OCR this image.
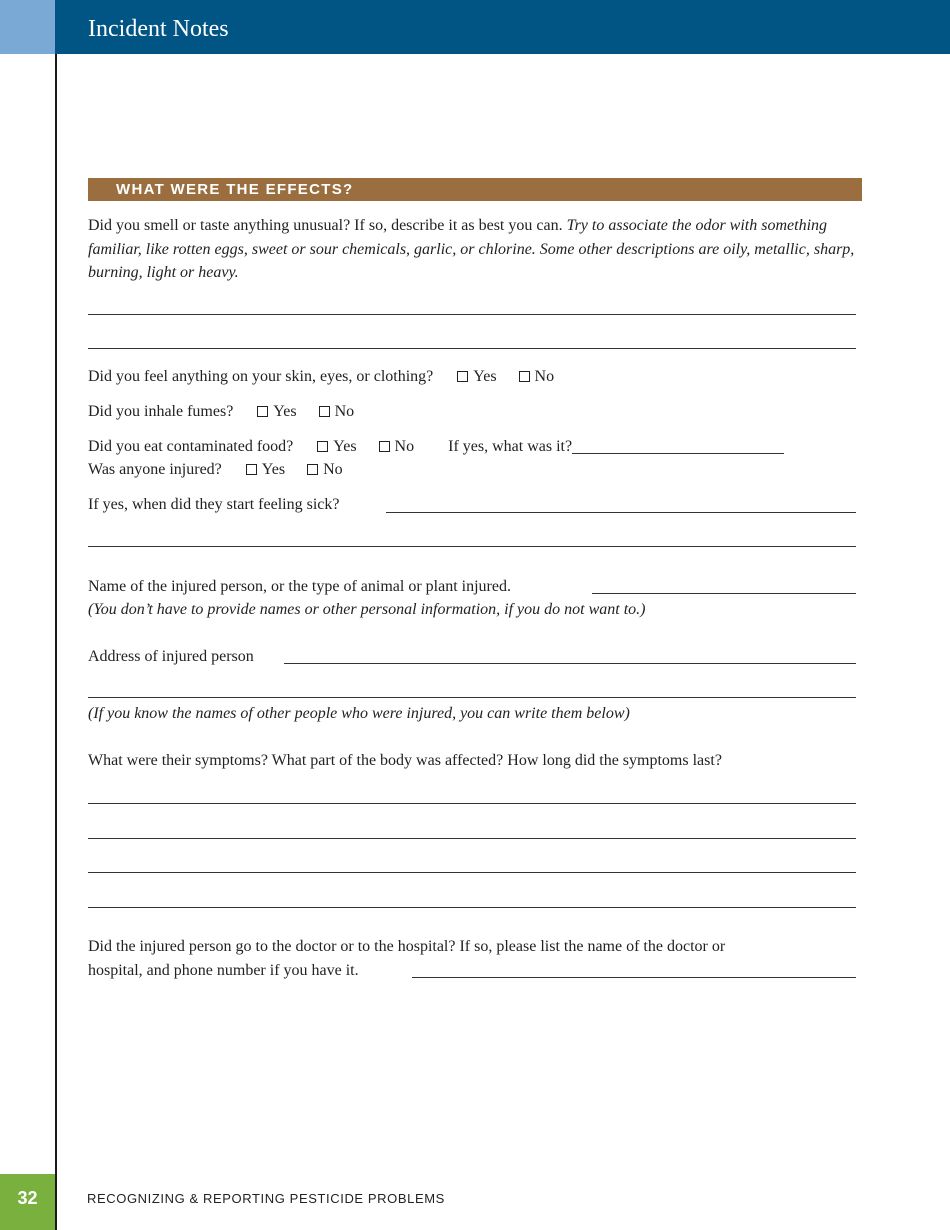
Incident Notes
WHAT WERE THE EFFECTS?
Did you smell or taste anything unusual? If so, describe it as best you can. Try to associate the odor with something familiar, like rotten eggs, sweet or sour chemicals, garlic, or chlorine. Some other descriptions are oily, metallic, sharp, burning, light or heavy.
Did you feel anything on your skin, eyes, or clothing?	Yes No
Did you inhale fumes?	Yes No
Did you eat contaminated food?	Yes No If yes, what was it?
Was anyone injured?	Yes No
If yes, when did they start feeling sick?
Name of the injured person, or the type of animal or plant injured.
(You don’t have to provide names or other personal information, if you do not want to.)
Address of injured person
(If you know the names of other people who were injured, you can write them below)
What were their symptoms? What part of the body was affected? How long did the symptoms last?
Did the injured person go to the doctor or to the hospital? If so, please list the name of the doctor or
hospital, and phone number if you have it.
32	RECOGNIZING & REPORTING PESTICIDE PROBLEMS
